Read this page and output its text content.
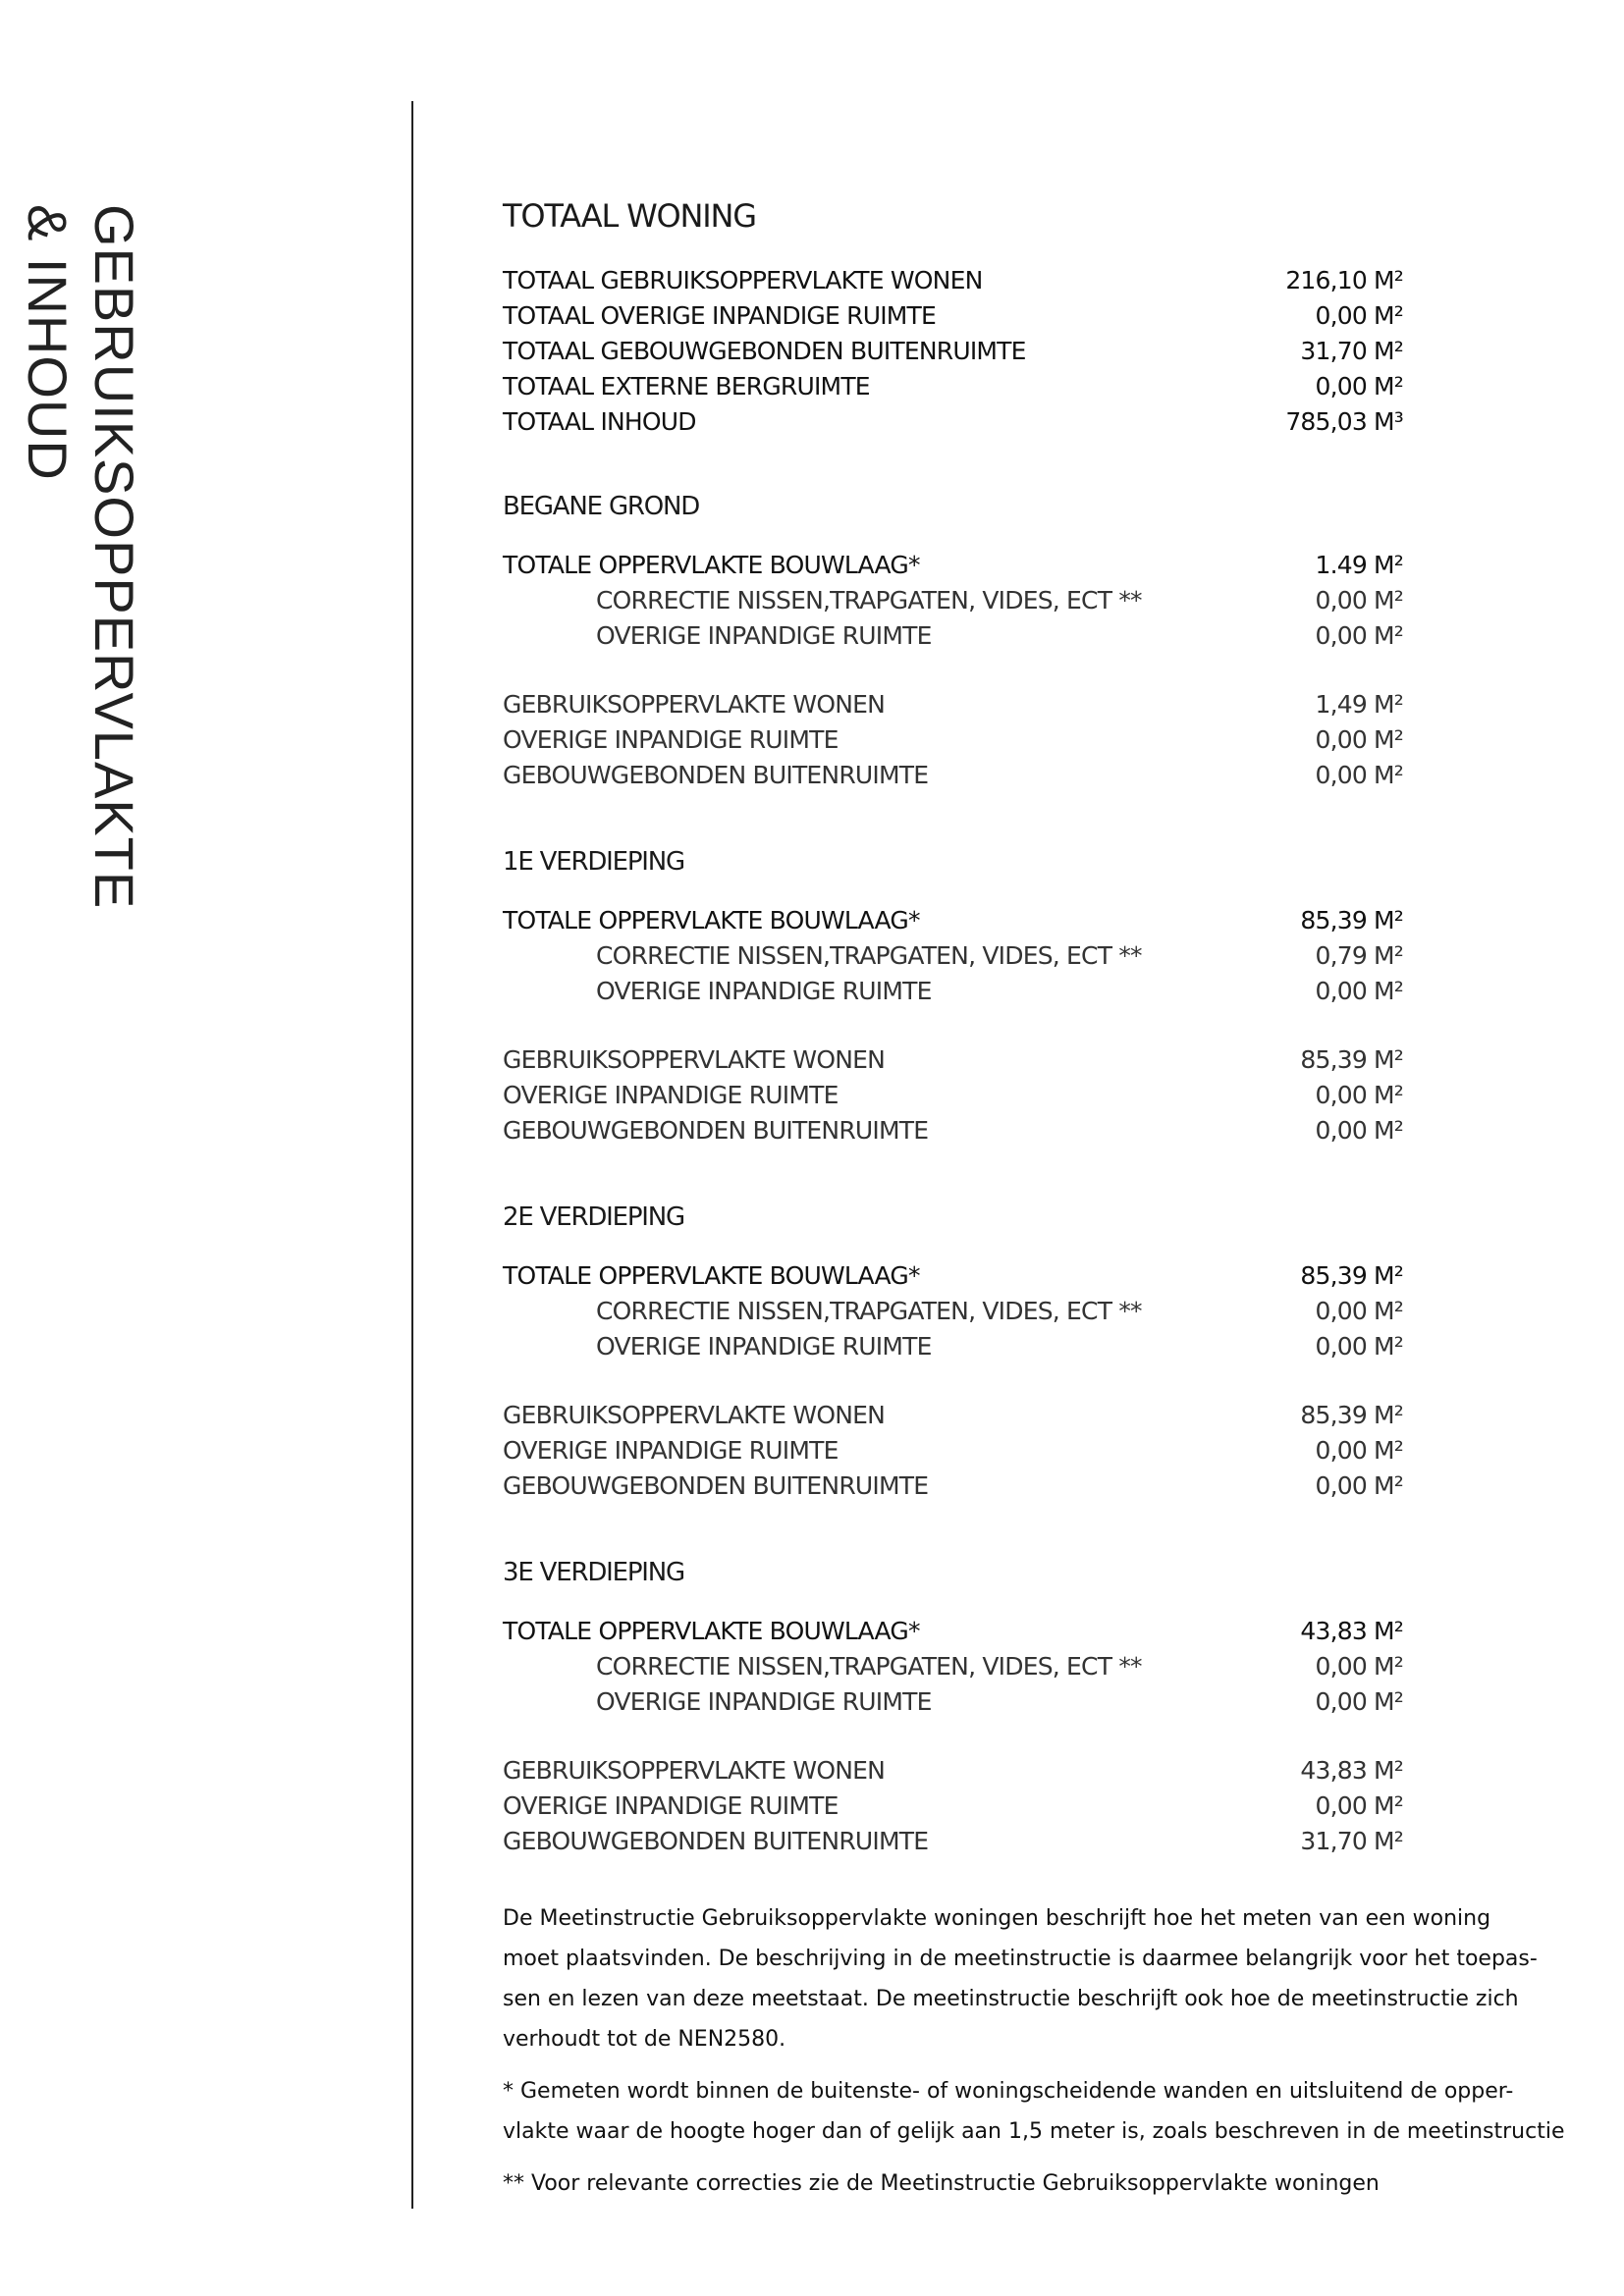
GEBRUIKSOPPERVLAKTE
& INHOUD	TOTAAL WONING
TOTAAL GEBRUIKSOPPERVLAKTE WONEN	216,10 M²
TOTAAL OVERIGE INPANDIGE RUIMTE	0,00 M²
TOTAAL GEBOUWGEBONDEN BUITENRUIMTE	31,70 M²
TOTAAL EXTERNE BERGRUIMTE	0,00 M²
TOTAAL INHOUD	785,03 M³
BEGANE GROND
TOTALE OPPERVLAKTE BOUWLAAG*	1.49 M²
CORRECTIE NISSEN,TRAPGATEN, VIDES, ECT **	0,00 M²
OVERIGE INPANDIGE RUIMTE	0,00 M²
GEBRUIKSOPPERVLAKTE WONEN	1,49 M²
OVERIGE INPANDIGE RUIMTE	0,00 M²
GEBOUWGEBONDEN BUITENRUIMTE	0,00 M²
1E VERDIEPING
TOTALE OPPERVLAKTE BOUWLAAG*	85,39 M²
CORRECTIE NISSEN,TRAPGATEN, VIDES, ECT **	0,79 M²
OVERIGE INPANDIGE RUIMTE	0,00 M²
GEBRUIKSOPPERVLAKTE WONEN	85,39 M²
OVERIGE INPANDIGE RUIMTE	0,00 M²
GEBOUWGEBONDEN BUITENRUIMTE	0,00 M²
2E VERDIEPING
TOTALE OPPERVLAKTE BOUWLAAG*	85,39 M²
CORRECTIE NISSEN,TRAPGATEN, VIDES, ECT **	0,00 M²
OVERIGE INPANDIGE RUIMTE	0,00 M²
GEBRUIKSOPPERVLAKTE WONEN	85,39 M²
OVERIGE INPANDIGE RUIMTE	0,00 M²
GEBOUWGEBONDEN BUITENRUIMTE	0,00 M²
3E VERDIEPING
TOTALE OPPERVLAKTE BOUWLAAG*	43,83 M²
CORRECTIE NISSEN,TRAPGATEN, VIDES, ECT **	0,00 M²
OVERIGE INPANDIGE RUIMTE	0,00 M²
GEBRUIKSOPPERVLAKTE WONEN	43,83 M²
OVERIGE INPANDIGE RUIMTE	0,00 M²
GEBOUWGEBONDEN BUITENRUIMTE	31,70 M²
De Meetinstructie Gebruiksoppervlakte woningen beschrijft hoe het meten van een woning
moet plaatsvinden. De beschrijving in de meetinstructie is daarmee belangrijk voor het toepas-
sen en lezen van deze meetstaat. De meetinstructie beschrijft ook hoe de meetinstructie zich
verhoudt tot de NEN2580.
* Gemeten wordt binnen de buitenste- of woningscheidende wanden en uitsluitend de opper-
vlakte waar de hoogte hoger dan of gelijk aan 1,5 meter is, zoals beschreven in de meetinstructie
** Voor relevante correcties zie de Meetinstructie Gebruiksoppervlakte woningen
